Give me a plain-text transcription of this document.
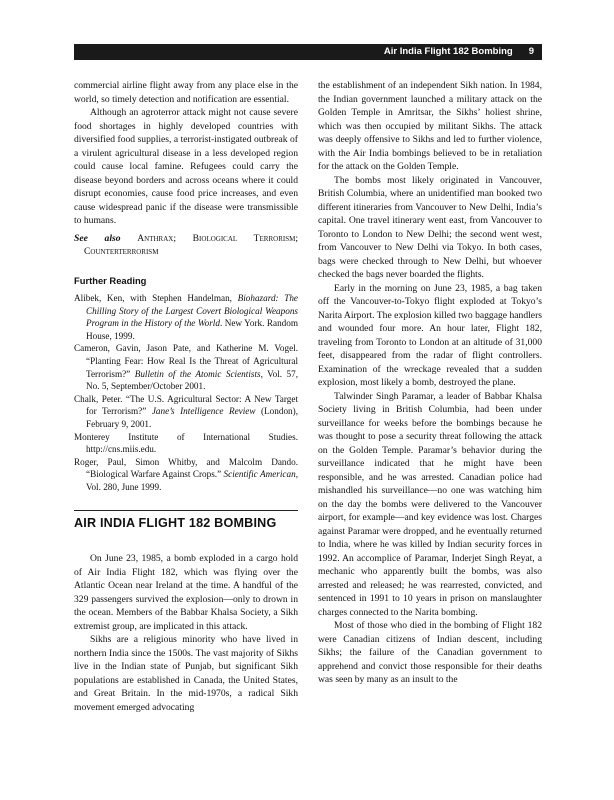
Air India Flight 182 Bombing 9

commercial airline flight away from any place else in the world, so timely detection and notification are essential.

Although an agroterror attack might not cause severe food shortages in highly developed countries with diversified food supplies, a terrorist-instigated outbreak of a virulent agricultural disease in a less developed region could cause local famine. Refugees could carry the disease beyond borders and across oceans where it could disrupt economies, cause food price increases, and even cause widespread panic if the disease were transmissible to humans.

See also Anthrax; Biological Terrorism; Counterterrorism

Further Reading

Alibek, Ken, with Stephen Handelman, Biohazard: The Chilling Story of the Largest Covert Biological Weapons Program in the History of the World. New York. Random House, 1999.

Cameron, Gavin, Jason Pate, and Katherine M. Vogel. “Planting Fear: How Real Is the Threat of Agricultural Terrorism?” Bulletin of the Atomic Scientists, Vol. 57, No. 5, September/October 2001.

Chalk, Peter. “The U.S. Agricultural Sector: A New Target for Terrorism?” Jane’s Intelligence Review (London), February 9, 2001.

Monterey Institute of International Studies. http://cns.miis.edu.

Roger, Paul, Simon Whitby, and Malcolm Dando. “Biological Warfare Against Crops.” Scientific American, Vol. 280, June 1999.

AIR INDIA FLIGHT 182 BOMBING

On June 23, 1985, a bomb exploded in a cargo hold of Air India Flight 182, which was flying over the Atlantic Ocean near Ireland at the time. A handful of the 329 passengers survived the explosion—only to drown in the ocean. Members of the Babbar Khalsa Society, a Sikh extremist group, are implicated in this attack.

Sikhs are a religious minority who have lived in northern India since the 1500s. The vast majority of Sikhs live in the Indian state of Punjab, but significant Sikh populations are established in Canada, the United States, and Great Britain. In the mid-1970s, a radical Sikh movement emerged advocating

the establishment of an independent Sikh nation. In 1984, the Indian government launched a military attack on the Golden Temple in Amritsar, the Sikhs’ holiest shrine, which was then occupied by militant Sikhs. The attack was deeply offensive to Sikhs and led to further violence, with the Air India bombings believed to be in retaliation for the attack on the Golden Temple.

The bombs most likely originated in Vancouver, British Columbia, where an unidentified man booked two different itineraries from Vancouver to New Delhi, India’s capital. One travel itinerary went east, from Vancouver to Toronto to London to New Delhi; the second went west, from Vancouver to New Delhi via Tokyo. In both cases, bags were checked through to New Delhi, but whoever checked the bags never boarded the flights.

Early in the morning on June 23, 1985, a bag taken off the Vancouver-to-Tokyo flight exploded at Tokyo’s Narita Airport. The explosion killed two baggage handlers and wounded four more. An hour later, Flight 182, traveling from Toronto to London at an altitude of 31,000 feet, disappeared from the radar of flight controllers. Examination of the wreckage revealed that a sudden explosion, most likely a bomb, destroyed the plane.

Talwinder Singh Paramar, a leader of Babbar Khalsa Society living in British Columbia, had been under surveillance for weeks before the bombings because he was thought to pose a security threat following the attack on the Golden Temple. Paramar’s behavior during the surveillance indicated that he might have been responsible, and he was arrested. Canadian police had mishandled his surveillance—no one was watching him on the day the bombs were delivered to the Vancouver airport, for example—and key evidence was lost. Charges against Paramar were dropped, and he eventually returned to India, where he was killed by Indian security forces in 1992. An accomplice of Paramar, Inderjet Singh Reyat, a mechanic who apparently built the bombs, was also arrested and released; he was rearrested, convicted, and sentenced in 1991 to 10 years in prison on manslaughter charges connected to the Narita bombing.

Most of those who died in the bombing of Flight 182 were Canadian citizens of Indian descent, including Sikhs; the failure of the Canadian government to apprehend and convict those responsible for their deaths was seen by many as an insult to the
